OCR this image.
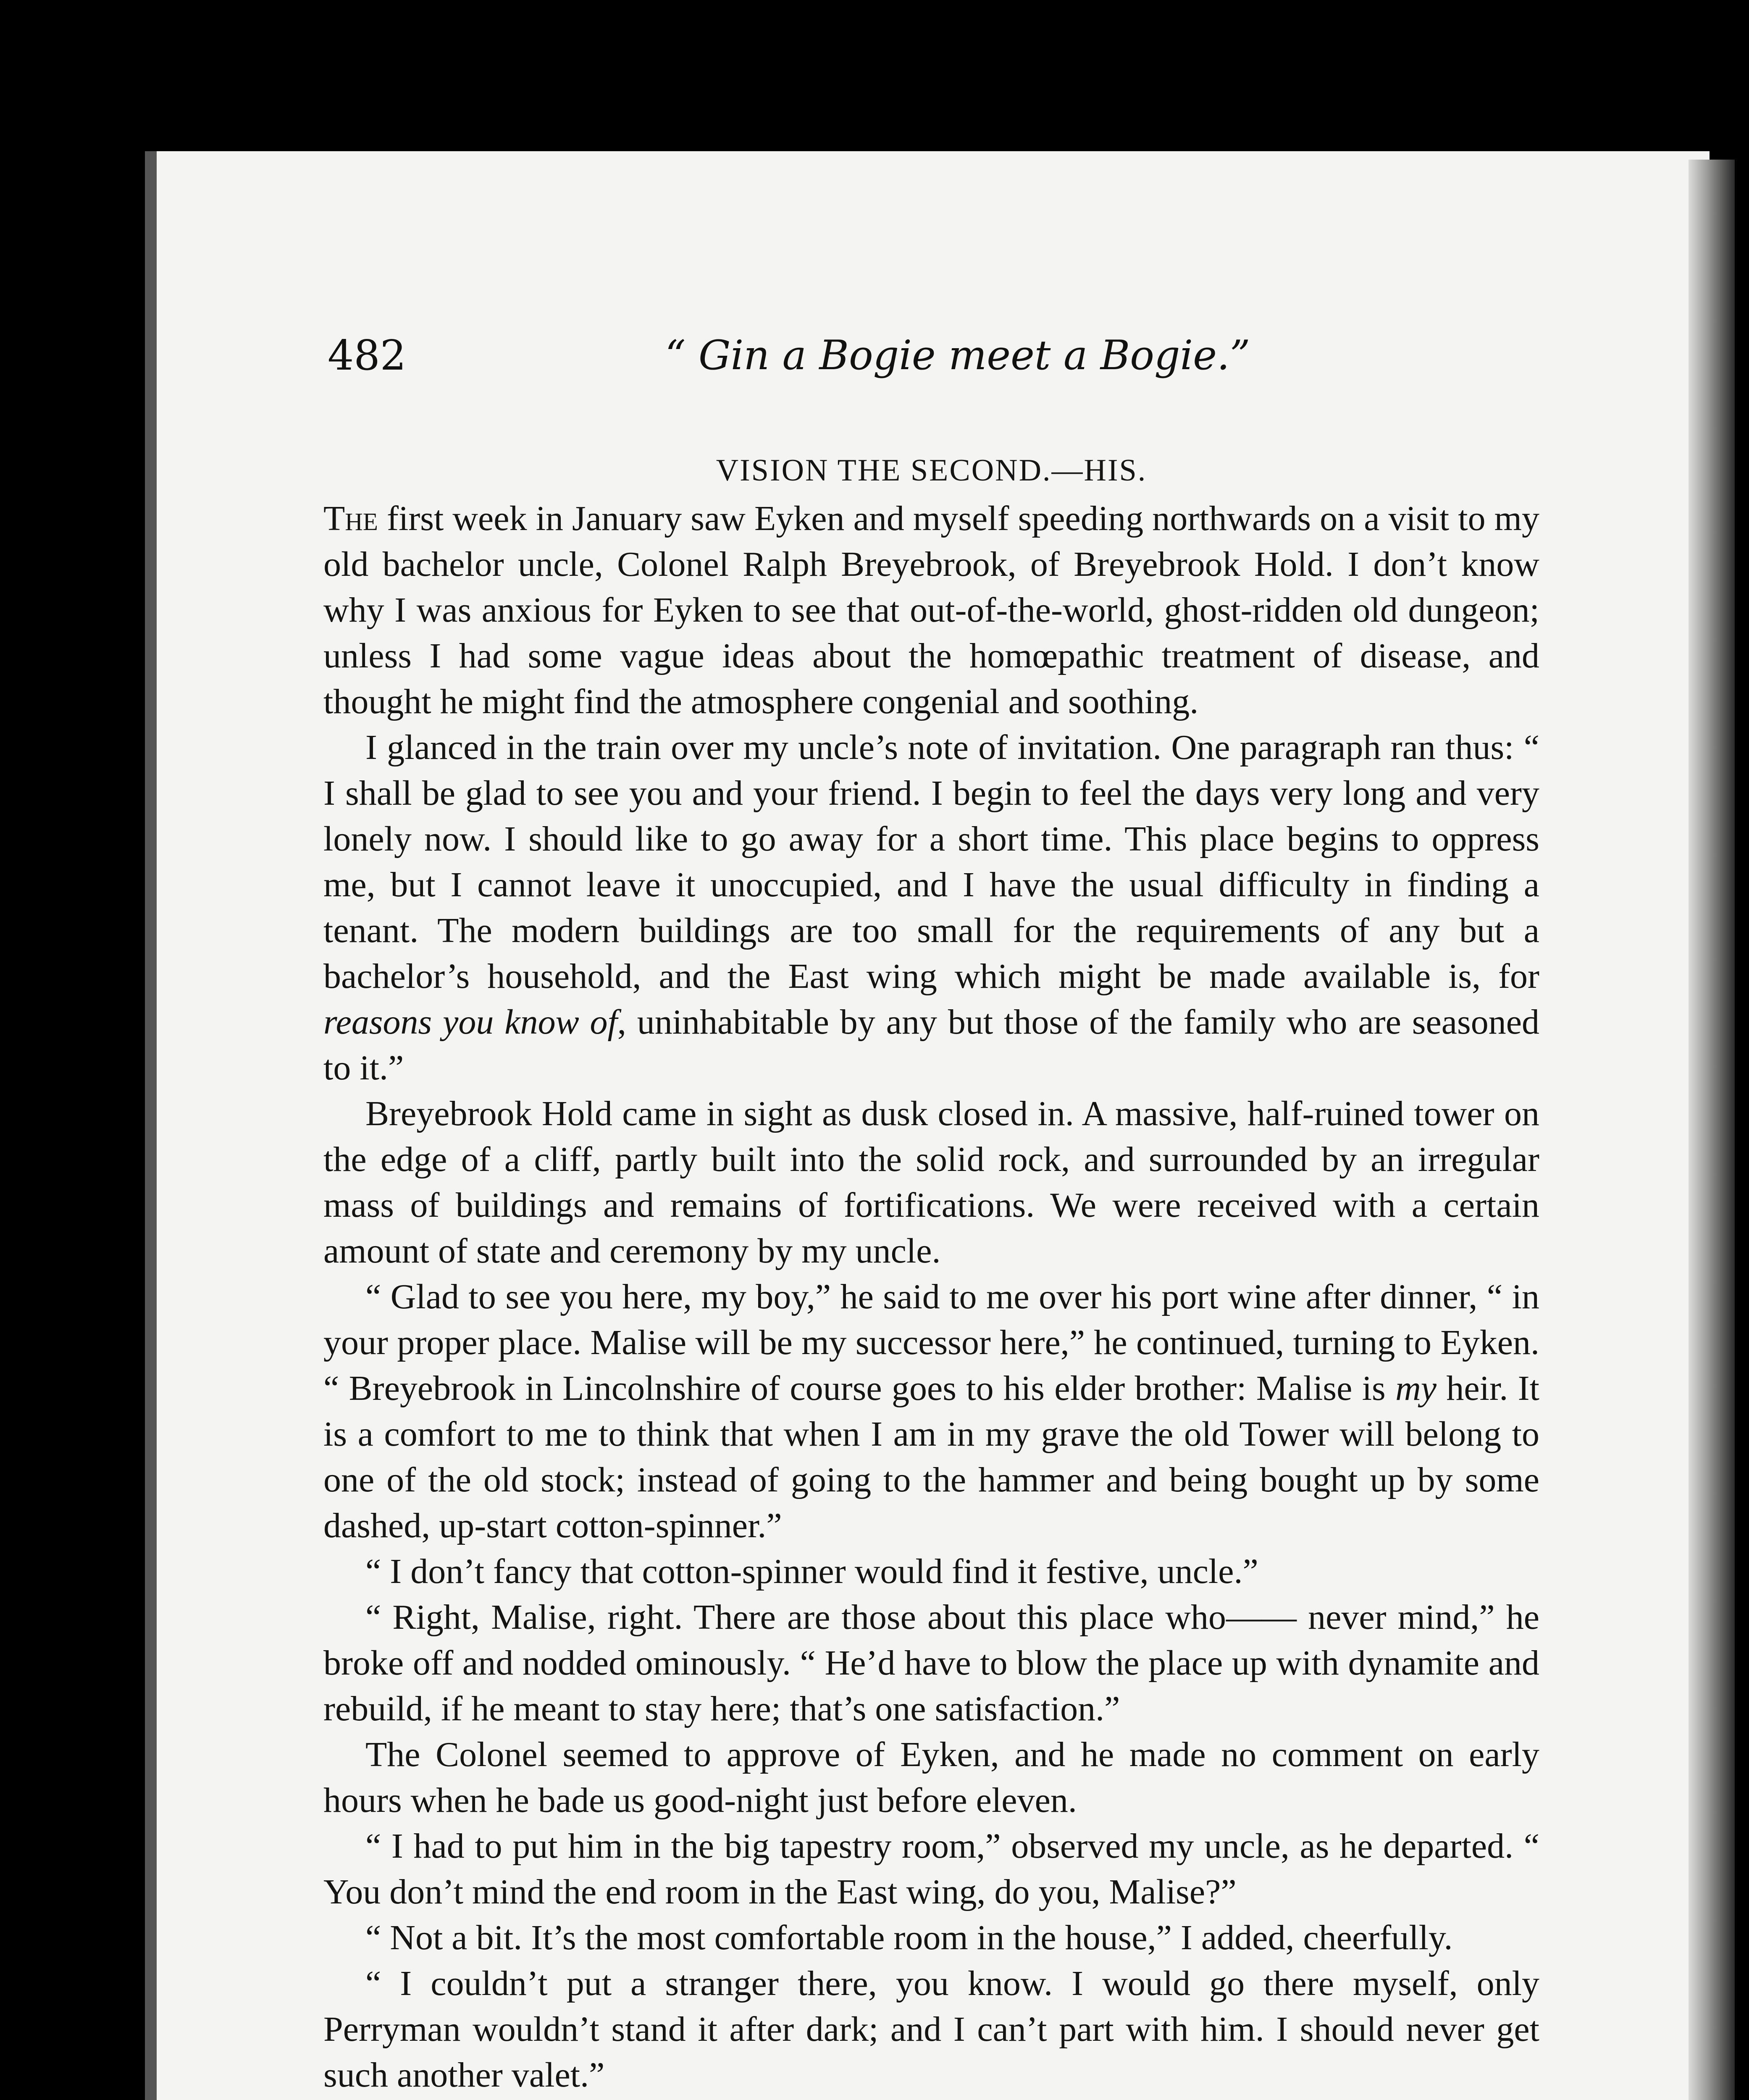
482	“ Gin a Bogie meet a Bogie.”
VISION THE SECOND.—HIS.

The first week in January saw Eyken and myself speeding northwards on a visit to my old bachelor uncle, Colonel Ralph Breyebrook, of Breyebrook Hold. I don’t know why I was anxious for Eyken to see that out-of-the-world, ghost-ridden old dungeon; unless I had some vague ideas about the homœpathic treatment of disease, and thought he might find the atmosphere congenial and soothing.

I glanced in the train over my uncle’s note of invitation. One paragraph ran thus: “ I shall be glad to see you and your friend. I begin to feel the days very long and very lonely now. I should like to go away for a short time. This place begins to oppress me, but I cannot leave it unoccupied, and I have the usual difficulty in finding a tenant. The modern buildings are too small for the requirements of any but a bachelor’s household, and the East wing which might be made available is, for reasons you know of, uninhabitable by any but those of the family who are seasoned to it.”

Breyebrook Hold came in sight as dusk closed in. A massive, half-ruined tower on the edge of a cliff, partly built into the solid rock, and surrounded by an irregular mass of buildings and remains of fortifications. We were received with a certain amount of state and ceremony by my uncle.

“ Glad to see you here, my boy,” he said to me over his port wine after dinner, “ in your proper place. Malise will be my successor here,” he continued, turning to Eyken. “ Breyebrook in Lincolnshire of course goes to his elder brother: Malise is my heir. It is a comfort to me to think that when I am in my grave the old Tower will belong to one of the old stock; instead of going to the hammer and being bought up by some dashed, up-start cotton-spinner.”

“ I don’t fancy that cotton-spinner would find it festive, uncle.”

“ Right, Malise, right. There are those about this place who—— never mind,” he broke off and nodded ominously. “ He’d have to blow the place up with dynamite and rebuild, if he meant to stay here; that’s one satisfaction.”

The Colonel seemed to approve of Eyken, and he made no comment on early hours when he bade us good-night just before eleven.

“ I had to put him in the big tapestry room,” observed my uncle, as he departed. “ You don’t mind the end room in the East wing, do you, Malise?”

“ Not a bit. It’s the most comfortable room in the house,” I added, cheerfully.

“ I couldn’t put a stranger there, you know. I would go there myself, only Perryman wouldn’t stand it after dark; and I can’t part with him. I should never get such another valet.”
